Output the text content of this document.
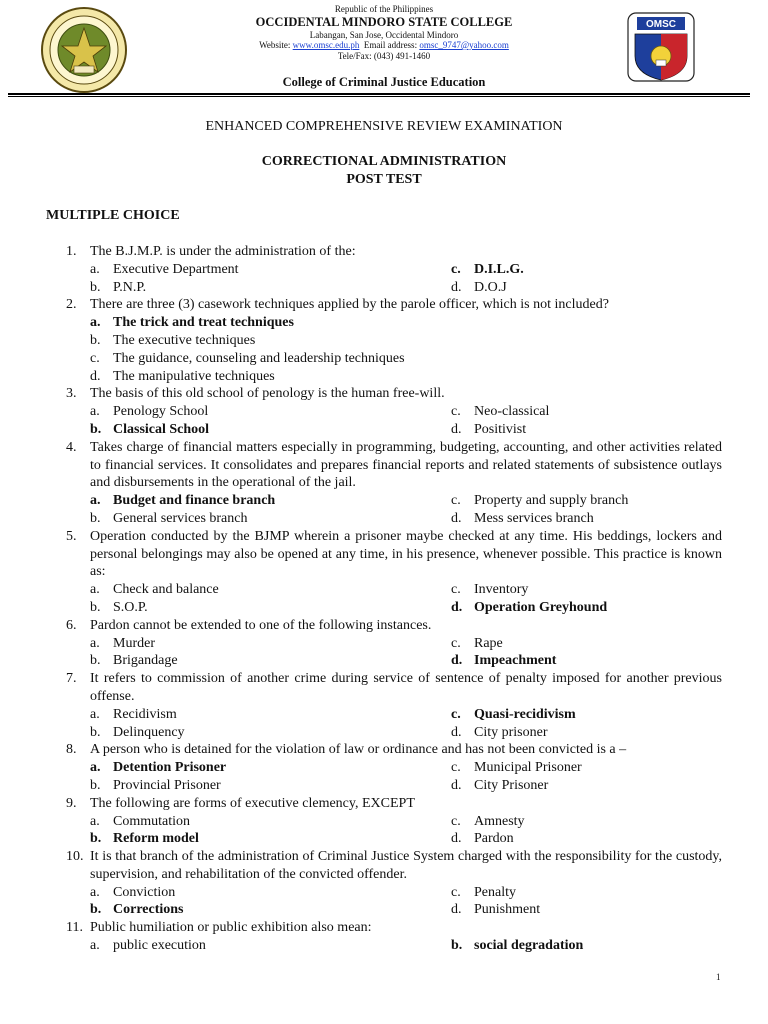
Republic of the Philippines
OCCIDENTAL MINDORO STATE COLLEGE
Labangan, San Jose, Occidental Mindoro
Website: www.omsc.edu.ph Email address: omsc_9747@yahoo.com
Tele/Fax: (043) 491-1460
College of Criminal Justice Education
OMSC
ENHANCED COMPREHENSIVE REVIEW EXAMINATION
CORRECTIONAL ADMINISTRATION
POST TEST
MULTIPLE CHOICE
1. The B.J.M.P. is under the administration of the:
a. Executive Department	c. D.I.L.G.
b. P.N.P.	d. D.O.J
2. There are three (3) casework techniques applied by the parole officer, which is not included?
a. The trick and treat techniques
b. The executive techniques
c. The guidance, counseling and leadership techniques
d. The manipulative techniques
3. The basis of this old school of penology is the human free-will.
a. Penology School	c. Neo-classical
b. Classical School	d. Positivist
4. Takes charge of financial matters especially in programming, budgeting, accounting, and other activities related to financial services. It consolidates and prepares financial reports and related statements of subsistence outlays and disbursements in the operational of the jail.
a. Budget and finance branch	c. Property and supply branch
b. General services branch	d. Mess services branch
5. Operation conducted by the BJMP wherein a prisoner maybe checked at any time. His beddings, lockers and personal belongings may also be opened at any time, in his presence, whenever possible. This practice is known as:
a. Check and balance	c. Inventory
b. S.O.P.	d. Operation Greyhound
6. Pardon cannot be extended to one of the following instances.
a. Murder	c. Rape
b. Brigandage	d. Impeachment
7. It refers to commission of another crime during service of sentence of penalty imposed for another previous offense.
a. Recidivism	c. Quasi-recidivism
b. Delinquency	d. City prisoner
8. A person who is detained for the violation of law or ordinance and has not been convicted is a –
a. Detention Prisoner	c. Municipal Prisoner
b. Provincial Prisoner	d. City Prisoner
9. The following are forms of executive clemency, EXCEPT
a. Commutation	c. Amnesty
b. Reform model	d. Pardon
10. It is that branch of the administration of Criminal Justice System charged with the responsibility for the custody, supervision, and rehabilitation of the convicted offender.
a. Conviction	c. Penalty
b. Corrections	d. Punishment
11. Public humiliation or public exhibition also mean:
a. public execution	b. social degradation
1
